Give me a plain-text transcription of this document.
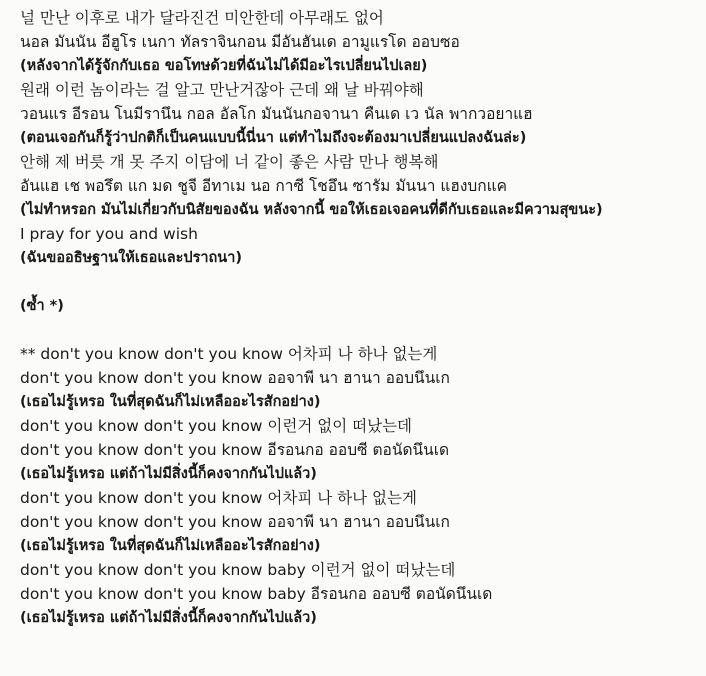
널 만난 이후로 내가 달라진건 미안한데 아무래도 없어
นอล มันนัน อีฮูโร เนกา ทัลราจินกอน มีอันฮันเด อามูแรโด ออบซอ
(หลังจากได้รู้จักกับเธอ ขอโทษด้วยที่ฉันไม่ได้มีอะไรเปลี่ยนไปเลย)
원래 이런 놈이라는 걸 알고 만난거잖아 근데 왜 날 바꿔야해
วอนแร อีรอน โนมีรานึน กอล อัลโก มันนันกอจานา คืนเด เว นัล พากวอยาแฮ
(ตอนเจอกันก็รู้ว่าปกติก็เป็นคนแบบนี้นี่นา แต่ทำไมถึงจะต้องมาเปลี่ยนแปลงฉันล่ะ)
안해 제 버릇 개 못 주지 이담에 너 같이 좋은 사람 만나 행복해
อันแฮ เช พอรึต แก มด ชูจี อีทาเม นอ กาซี โชอึน ซารัม มันนา แฮงบกแค
(ไม่ทำหรอก มันไม่เกี่ยวกับนิสัยของฉัน หลังจากนี้ ขอให้เธอเจอคนที่ดีกับเธอและมีความสุขนะ)
I pray for you and wish
(ฉันขออธิษฐานให้เธอและปราถนา)
(ซ้ำ *)
** don't you know don't you know 어차피 나 하나 없는게
don't you know don't you know ออจาพี นา ฮานา ออบนึนเก
(เธอไม่รู้เหรอ ในที่สุดฉันก็ไม่เหลืออะไรสักอย่าง)
don't you know don't you know 이런거 없이 떠났는데
don't you know don't you know อีรอนกอ ออบซี ตอนัดนึนเด
(เธอไม่รู้เหรอ แต่ถ้าไม่มีสิ่งนี้ก็คงจากกันไปแล้ว)
don't you know don't you know 어차피 나 하나 없는게
don't you know don't you know ออจาพี นา ฮานา ออบนึนเก
(เธอไม่รู้เหรอ ในที่สุดฉันก็ไม่เหลืออะไรสักอย่าง)
don't you know don't you know baby 이런거 없이 떠났는데
don't you know don't you know baby อีรอนกอ ออบซี ตอนัดนึนเด
(เธอไม่รู้เหรอ แต่ถ้าไม่มีสิ่งนี้ก็คงจากกันไปแล้ว)
